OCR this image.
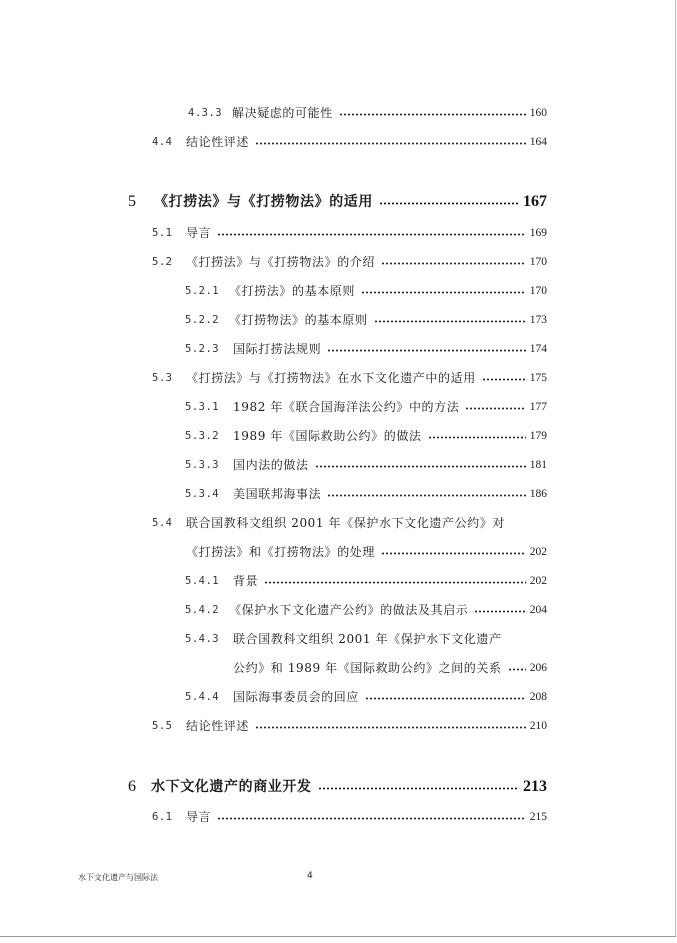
4.3.3 解决疑虑的可能性	160
4.4	结论性评述	164
5	《打捞法》与《打捞物法》的适用	167
5.1	导言	169
5.2	《打捞法》与《打捞物法》的介绍	170
5.2.1 《打捞法》的基本原则	170
5.2.2 《打捞物法》的基本原则	173
5.2.3	国际打捞法规则	174
5.3	《打捞法》与《打捞物法》在水下文化遗产中的适用	175
5.3.1	1982 年《联合国海洋法公约》中的方法	177
5.3.2	1989 年《国际救助公约》的做法	179
5.3.3	国内法的做法	181
5.3.4	美国联邦海事法	186
5.4	联合国教科文组织 2001 年《保护水下文化遗产公约》对
《打捞法》和《打捞物法》的处理	202
5.4.1	背景	202
5.4.2 《保护水下文化遗产公约》的做法及其启示	204
5.4.3	联合国教科文组织 2001 年《保护水下文化遗产
公约》和 1989 年《国际救助公约》之间的关系 206
5.4.4	国际海事委员会的回应	208
5.5	结论性评述	210
6	水下文化遗产的商业开发	213
6.1	导言	215
水下文化遗产与国际法	4
